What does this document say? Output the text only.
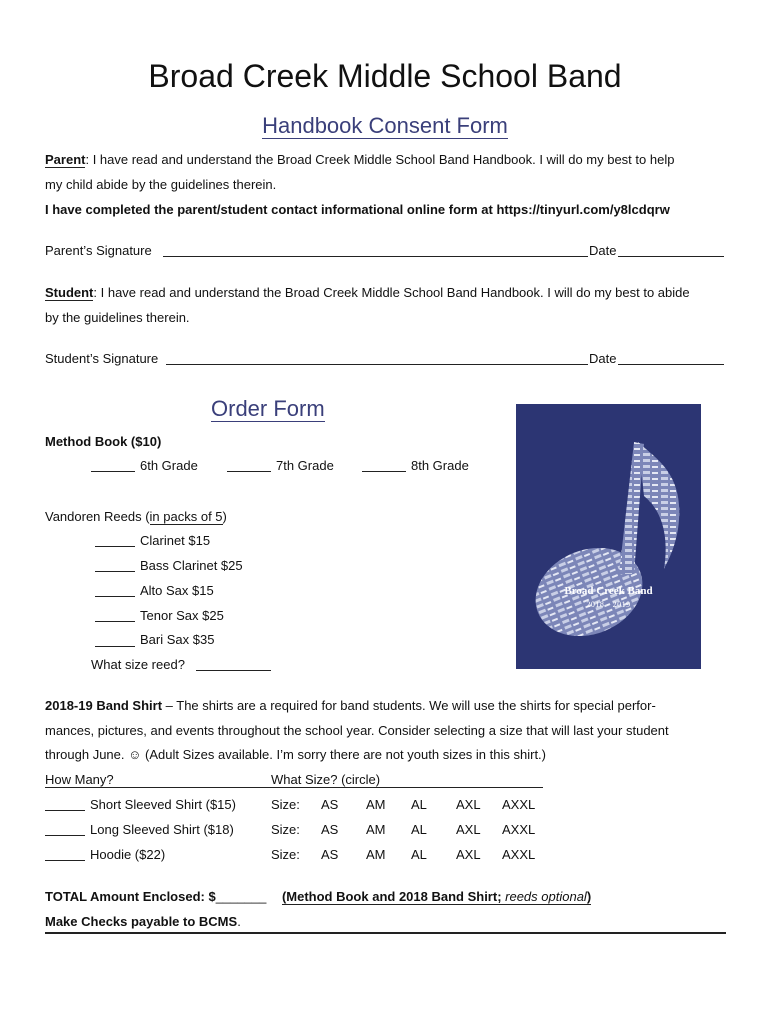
Broad Creek Middle School Band
Handbook Consent Form
Parent: I have read and understand the Broad Creek Middle School Band Handbook. I will do my best to help
my child abide by the guidelines therein.
I have completed the parent/student contact informational online form at https://tinyurl.com/y8lcdqrw
Parent’s Signature	Date
Student: I have read and understand the Broad Creek Middle School Band Handbook. I will do my best to abide
by the guidelines therein.
Student’s Signature	Date
Order Form
Method Book ($10)
6th Grade	7th Grade	8th Grade
Vandoren Reeds (in packs of 5)
Clarinet $15
Bass Clarinet $25
Alto Sax $15
Tenor Sax $25
Bari Sax $35
What size reed?
Broad Creek Band
2018 - 2019
2018-19 Band Shirt – The shirts are a required for band students. We will use the shirts for special perfor-
mances, pictures, and events throughout the school year. Consider selecting a size that will last your student
through June. ☺ (Adult Sizes available. I’m sorry there are not youth sizes in this shirt.)
How Many?	What Size? (circle)
Short Sleeved Shirt ($15)	Size: AS AM AL AXL AXXL
Long Sleeved Shirt ($18)	Size: AS AM AL AXL AXXL
Hoodie ($22)	Size: AS AM AL AXL AXXL
TOTAL Amount Enclosed: $_______ (Method Book and 2018 Band Shirt; reeds optional)
Make Checks payable to BCMS.
